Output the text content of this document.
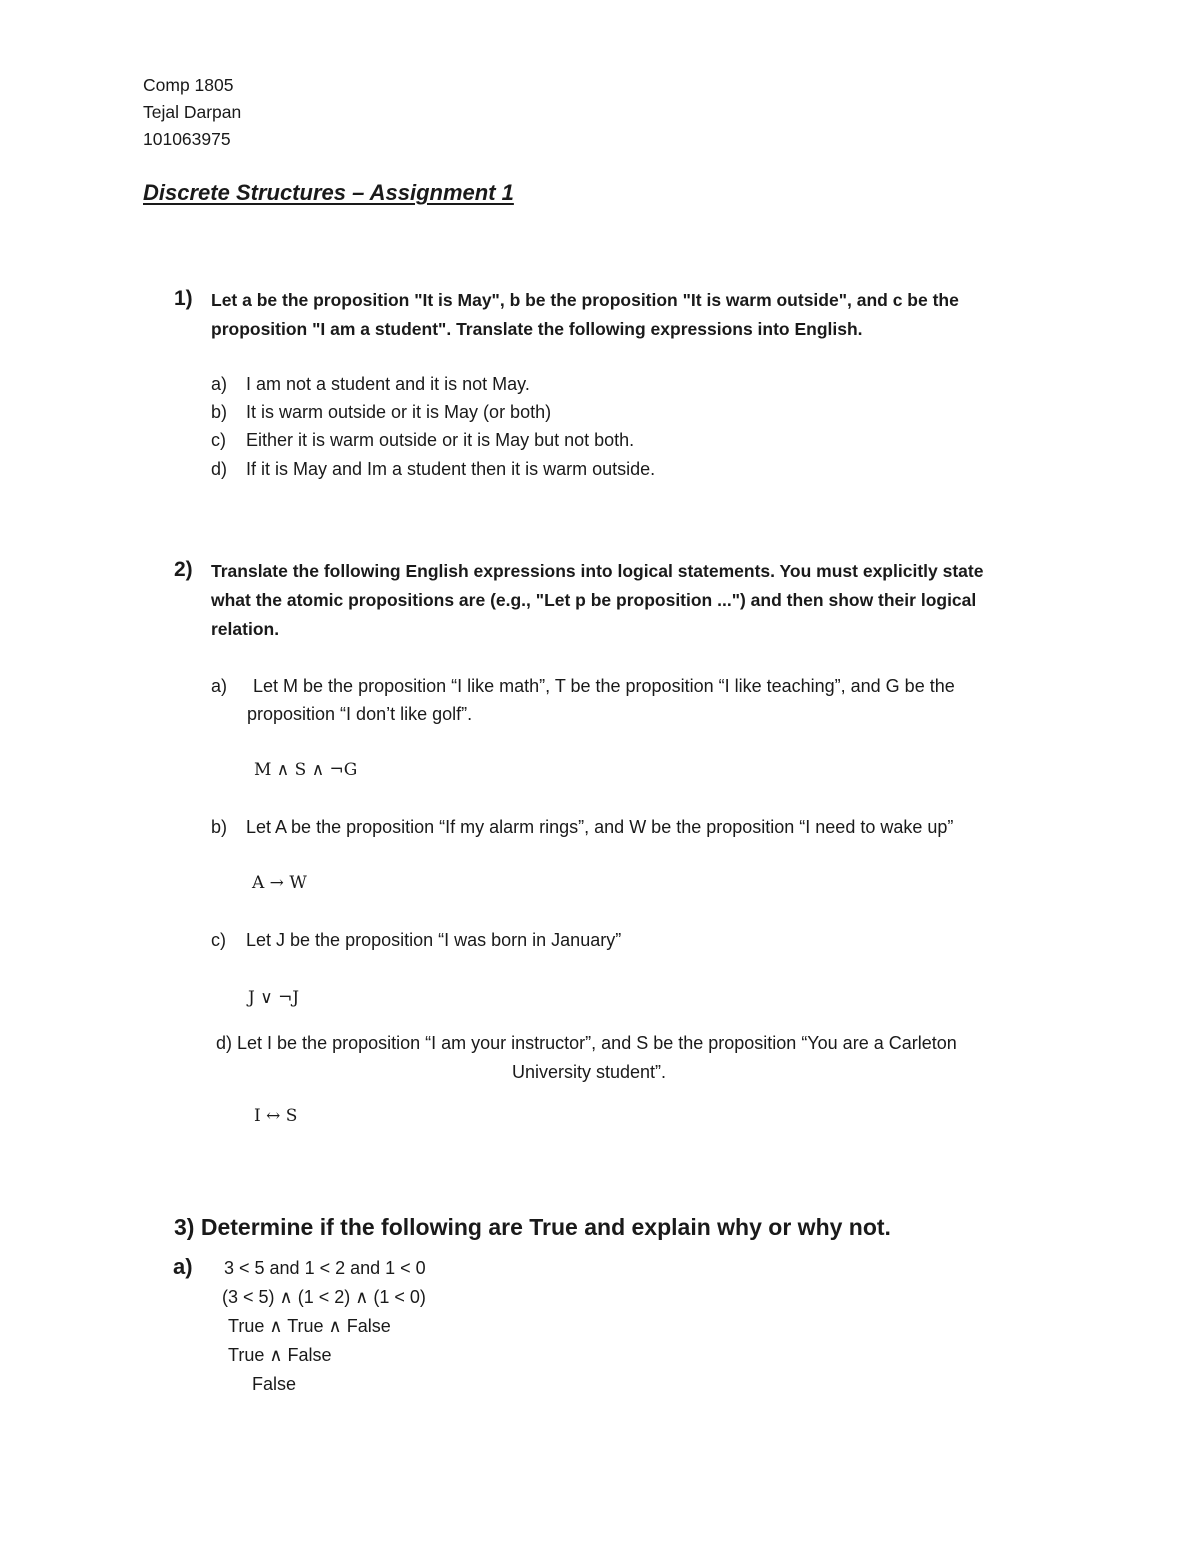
Comp 1805
Tejal Darpan
101063975
Discrete Structures – Assignment 1
1) Let a be the proposition "It is May", b be the proposition "It is warm outside", and c be the
proposition "I am a student". Translate the following expressions into English.
a) I am not a student and it is not May.
b) It is warm outside or it is May (or both)
c) Either it is warm outside or it is May but not both.
d) If it is May and Im a student then it is warm outside.
2) Translate the following English expressions into logical statements. You must explicitly state
what the atomic propositions are (e.g., "Let p be proposition ...") and then show their logical
relation.
a) Let M be the proposition “I like math”, T be the proposition “I like teaching”, and G be the
proposition “I don’t like golf”.
M ∧ S ∧ ¬G
b) Let A be the proposition “If my alarm rings”, and W be the proposition “I need to wake up”
A → W
c) Let J be the proposition “I was born in January”
J ∨ ¬J
d) Let I be the proposition “I am your instructor”, and S be the proposition “You are a Carleton
University student”.
I ↔ S
3) Determine if the following are True and explain why or why not.
a) 3 < 5 and 1 < 2 and 1 < 0
(3 < 5) ∧ (1 < 2) ∧ (1 < 0)
True ∧ True ∧ False
True ∧ False
False
